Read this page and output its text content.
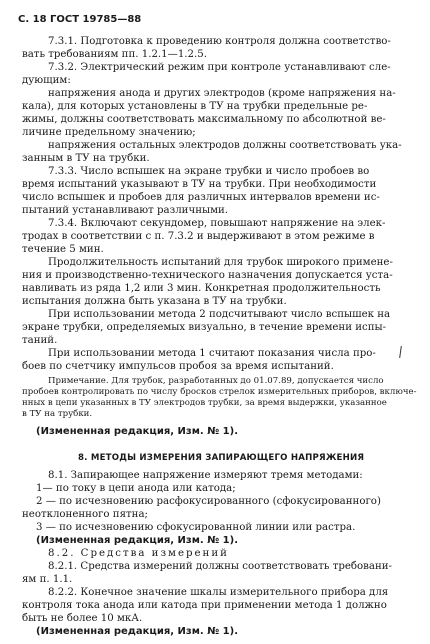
С. 18 ГОСТ 19785—88
7.3.1. Подготовка к проведению контроля должна соответство-
вать требованиям пп. 1.2.1—1.2.5.
7.3.2. Электрический режим при контроле устанавливают сле-
дующим:
напряжения анода и других электродов (кроме напряжения на-
кала), для которых установлены в ТУ на трубки предельные ре-
жимы, должны соответствовать максимальному по абсолютной ве-
личине предельному значению;
напряжения остальных электродов должны соответствовать ука-
занным в ТУ на трубки.
7.3.3. Число вспышек на экране трубки и число пробоев во
время испытаний указывают в ТУ на трубки. При необходимости
число вспышек и пробоев для различных интервалов времени ис-
пытаний устанавливают различными.
7.3.4. Включают секундомер, повышают напряжение на элек-
тродах в соответствии с п. 7.3.2 и выдерживают в этом режиме в
течение 5 мин.
Продолжительность испытаний для трубок широкого примене-
ния и производственно-технического назначения допускается уста-
навливать из ряда 1,2 или 3 мин. Конкретная продолжительность
испытания должна быть указана в ТУ на трубки.
При использовании метода 2 подсчитывают число вспышек на
экране трубки, определяемых визуально, в течение времени испы-
таний.
При использовании метода 1 считают показания числа про-
боев по счетчику импульсов пробоя за время испытаний.
Примечание. Для трубок, разработанных до 01.07.89, допускается число
пробоев контролировать по числу бросков стрелок измерительных приборов, включе-
нных в цепи указанных в ТУ электродов трубки, за время выдержки, указанное
в ТУ на трубки.
(Измененная редакция, Изм. № 1).
8. МЕТОДЫ ИЗМЕРЕНИЯ ЗАПИРАЮЩЕГО НАПРЯЖЕНИЯ
8.1. Запирающее напряжение измеряют тремя методами:
1— по току в цепи анода или катода;
2 — по исчезновению расфокусированного (сфокусированного)
неотклоненного пятна;
3 — по исчезновению сфокусированной линии или растра.
(Измененная редакция, Изм. № 1).
8.2. Средства измерений
8.2.1. Средства измерений должны соответствовать требовани-
ям п. 1.1.
8.2.2. Конечное значение шкалы измерительного прибора для
контроля тока анода или катода при применении метода 1 должно
быть не более 10 мкА.
(Измененная редакция, Изм. № 1).
